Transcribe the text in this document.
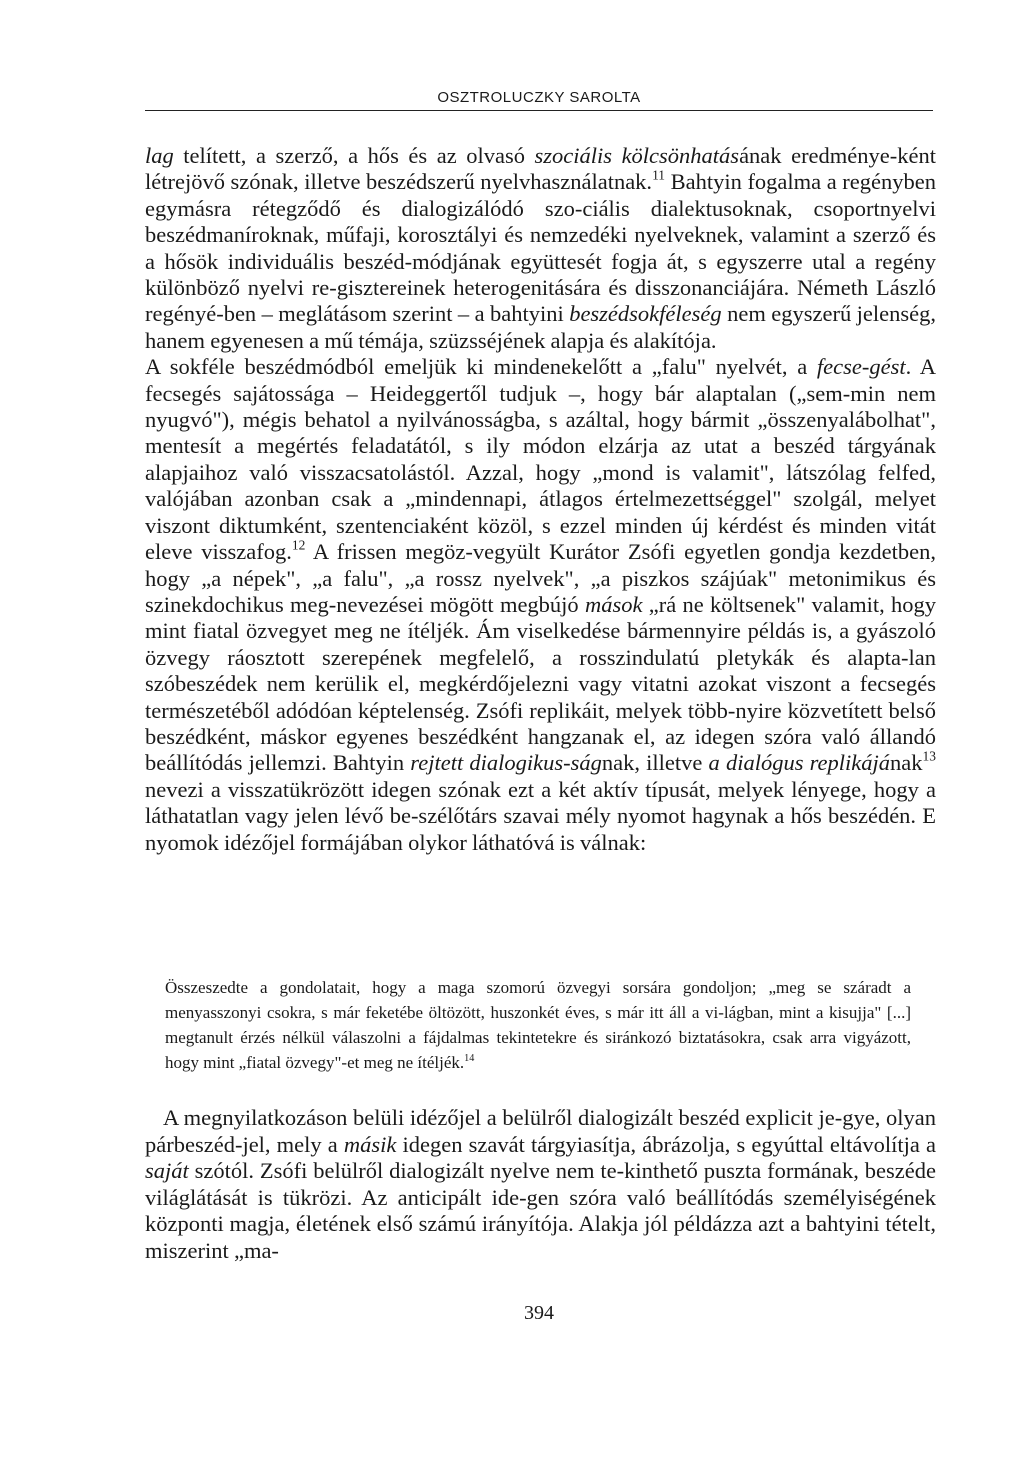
OSZTROLUCZKY SAROLTA

lag telített, a szerző, a hős és az olvasó szociális kölcsönhatásának eredménye-ként létrejövő szónak, illetve beszédszerű nyelvhasználatnak.$^{11}$ Bahtyin fogalma a regényben egymásra rétegződő és dialogizálódó szo-ciális dialektusoknak, csoportnyelvi beszédmaníroknak, műfaji, korosztályi és nemzedéki nyelveknek, valamint a szerző és a hősök individuális beszéd-módjának együttesét fogja át, s egyszerre utal a regény különböző nyelvi re-gisztereinek heterogenitására és disszonanciájára. Németh László regényé-ben – meglátásom szerint – a bahtyini beszédsokféleség nem egyszerű jelenség, hanem egyenesen a mű témája, szüzsséjének alapja és alakítója.

A sokféle beszédmódból emeljük ki mindenekelőtt a „falu" nyelvét, a fecse-gést. A fecsegés sajátossága – Heideggertől tudjuk –, hogy bár alaptalan („sem-min nem nyugvó"), mégis behatol a nyilvánosságba, s azáltal, hogy bármit „összenyalábolhat", mentesít a megértés feladatától, s ily módon elzárja az utat a beszéd tárgyának alapjaihoz való visszacsatolástól. Azzal, hogy „mond is valamit", látszólag felfed, valójában azonban csak a „mindennapi, átlagos értelmezettséggel" szolgál, melyet viszont diktumként, szentenciaként közöl, s ezzel minden új kérdést és minden vitát eleve visszafog.$^{12}$ A frissen megöz-vegyült Kurátor Zsófi egyetlen gondja kezdetben, hogy „a népek", „a falu", „a rossz nyelvek", „a piszkos szájúak" metonimikus és szinekdochikus meg-nevezései mögött megbújó mások „rá ne költsenek" valamit, hogy mint fiatal özvegyet meg ne ítéljék. Ám viselkedése bármennyire példás is, a gyászoló özvegy ráosztott szerepének megfelelő, a rosszindulatú pletykák és alapta-lan szóbeszédek nem kerülik el, megkérdőjelezni vagy vitatni azokat viszont a fecsegés természetéből adódóan képtelenség. Zsófi replikáit, melyek több-nyire közvetített belső beszédként, máskor egyenes beszédként hangzanak el, az idegen szóra való állandó beállítódás jellemzi. Bahtyin rejtett dialogikus-ságnak, illetve a dialógus replikájának$^{13}$ nevezi a visszatükrözött idegen szónak ezt a két aktív típusát, melyek lényege, hogy a láthatatlan vagy jelen lévő be-szélőtárs szavai mély nyomot hagynak a hős beszédén. E nyomok idézőjel formájában olykor láthatóvá is válnak:

Összeszedte a gondolatait, hogy a maga szomorú özvegyi sorsára gondoljon; „meg se száradt a menyasszonyi csokra, s már feketébe öltözött, huszonkét éves, s már itt áll a vi-lágban, mint a kisujja" [...] megtanult érzés nélkül válaszolni a fájdalmas tekintetekre és siránkozó biztatásokra, csak arra vigyázott, hogy mint „fiatal özvegy"-et meg ne ítéljék.$^{14}$

A megnyilatkozáson belüli idézőjel a belülről dialogizált beszéd explicit je-gye, olyan párbeszéd-jel, mely a másik idegen szavát tárgyiasítja, ábrázolja, s egyúttal eltávolítja a saját szótól. Zsófi belülről dialogizált nyelve nem te-kinthető puszta formának, beszéde világlátását is tükrözi. Az anticipált ide-gen szóra való beállítódás személyiségének központi magja, életének első számú irányítója. Alakja jól példázza azt a bahtyini tételt, miszerint „ma-

394
